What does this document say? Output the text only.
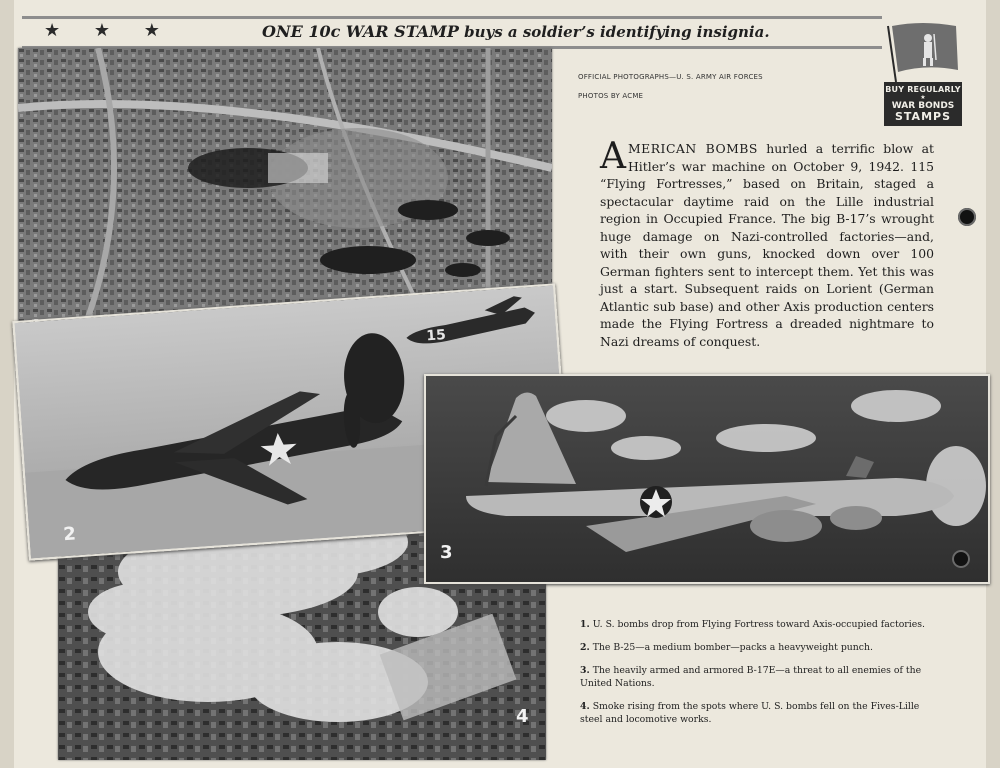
★ ★ ★	ONE 10c WAR STAMP buys a soldier’s identifying insignia.
4
15
2
3
OFFICIAL PHOTOGRAPHS—U. S. ARMY AIR FORCES
PHOTOS BY ACME
BUY REGULARLY
★
WAR BONDS
STAMPS
AMERICAN BOMBS hurled a terrific blow at Hitler’s war machine on October 9, 1942. 115 “Flying Fortresses,” based on Britain, staged a spectacular daytime raid on the Lille industrial region in Occupied France. The big B-17’s wrought huge damage on Nazi-controlled factories—and, with their own guns, knocked down over 100 German fighters sent to intercept them. Yet this was just a start. Subsequent raids on Lorient (German Atlantic sub base) and other Axis production centers made the Flying Fortress a dreaded nightmare to Nazi dreams of conquest.
1. U. S. bombs drop from Flying Fortress toward Axis-occupied factories.
2. The B-25—a medium bomber—packs a heavyweight punch.
3. The heavily armed and armored B-17E—a threat to all enemies of the United Nations.
4. Smoke rising from the spots where U. S. bombs fell on the Fives-Lille steel and locomotive works.
